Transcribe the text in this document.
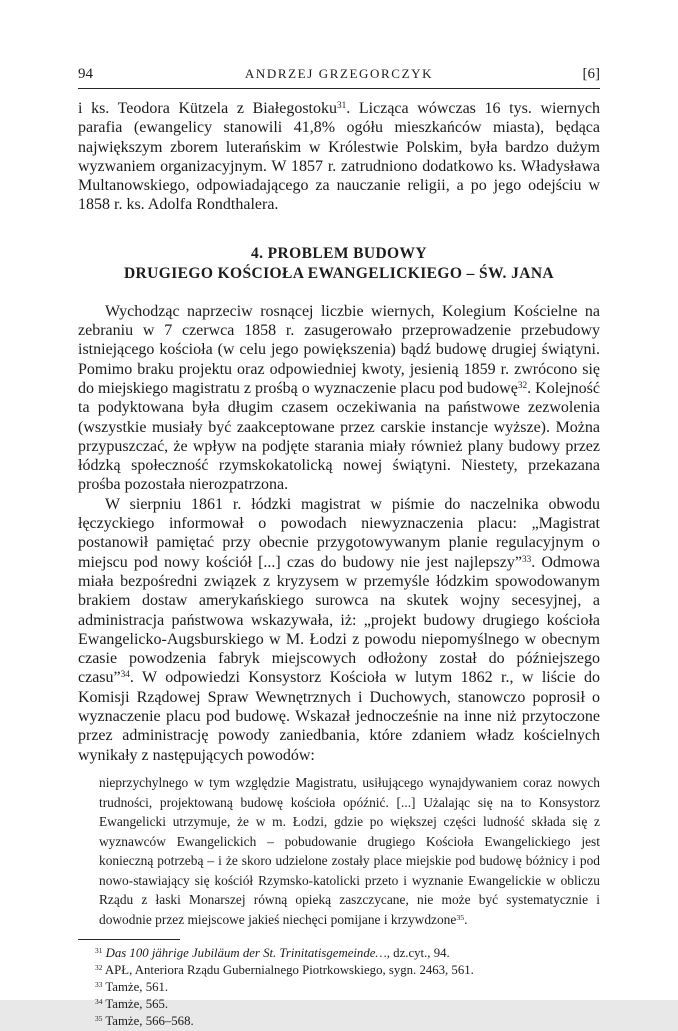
94	ANDRZEJ GRZEGORCZYK	[6]

i ks. Teodora Kützela z Białegostoku$^{31}$. Licząca wówczas 16 tys. wiernych parafia (ewangelicy stanowili 41,8% ogółu mieszkańców miasta), będąca największym zborem luterańskim w Królestwie Polskim, była bardzo dużym wyzwaniem organizacyjnym. W 1857 r. zatrudniono dodatkowo ks. Władysława Multanowskiego, odpowiadającego za nauczanie religii, a po jego odejściu w 1858 r. ks. Adolfa Rondthalera.

4. PROBLEM BUDOWY
DRUGIEGO KOŚCIOŁA EWANGELICKIEGO – ŚW. JANA

Wychodząc naprzeciw rosnącej liczbie wiernych, Kolegium Kościelne na zebraniu w 7 czerwca 1858 r. zasugerowało przeprowadzenie przebudowy istniejącego kościoła (w celu jego powiększenia) bądź budowę drugiej świątyni. Pomimo braku projektu oraz odpowiedniej kwoty, jesienią 1859 r. zwrócono się do miejskiego magistratu z prośbą o wyznaczenie placu pod budowę$^{32}$. Kolejność ta podyktowana była długim czasem oczekiwania na państwowe zezwolenia (wszystkie musiały być zaakceptowane przez carskie instancje wyższe). Można przypuszczać, że wpływ na podjęte starania miały również plany budowy przez łódzką społeczność rzymskokatolicką nowej świątyni. Niestety, przekazana prośba pozostała nierozpatrzona.

W sierpniu 1861 r. łódzki magistrat w piśmie do naczelnika obwodu łęczyckiego informował o powodach niewyznaczenia placu: „Magistrat postanowił pamiętać przy obecnie przygotowywanym planie regulacyjnym o miejscu pod nowy kościół [...] czas do budowy nie jest najlepszy”$^{33}$. Odmowa miała bezpośredni związek z kryzysem w przemyśle łódzkim spowodowanym brakiem dostaw amerykańskiego surowca na skutek wojny secesyjnej, a administracja państwowa wskazywała, iż: „projekt budowy drugiego kościoła Ewangelicko-Augsburskiego w M. Łodzi z powodu niepomyślnego w obecnym czasie powodzenia fabryk miejscowych odłożony został do późniejszego czasu”$^{34}$. W odpowiedzi Konsystorz Kościoła w lutym 1862 r., w liście do Komisji Rządowej Spraw Wewnętrznych i Duchowych, stanowczo poprosił o wyznaczenie placu pod budowę. Wskazał jednocześnie na inne niż przytoczone przez administrację powody zaniedbania, które zdaniem władz kościelnych wynikały z następujących powodów:

nieprzychylnego w tym względzie Magistratu, usiłującego wynajdywaniem coraz nowych trudności, projektowaną budowę kościoła opóźnić. [...] Użalając się na to Konsystorz Ewangelicki utrzymuje, że w m. Łodzi, gdzie po większej części ludność składa się z wyznawców Ewangelickich – pobudowanie drugiego Kościoła Ewangelickiego jest konieczną potrzebą – i że skoro udzielone zostały place miejskie pod budowę bóżnicy i pod nowo-stawiający się kościół Rzymsko-katolicki przeto i wyznanie Ewangelickie w obliczu Rządu z łaski Monarszej równą opieką zaszczycane, nie może być systematycznie i dowodnie przez miejscowe jakieś niechęci pomijane i krzywdzone$^{35}$.
$^{31}$ Das 100 jährige Jubiläum der St. Trinitatisgemeinde…, dz.cyt., 94.
$^{32}$ APŁ, Anteriora Rządu Gubernialnego Piotrkowskiego, sygn. 2463, 561.
$^{33}$ Tamże, 561.
$^{34}$ Tamże, 565.
$^{35}$ Tamże, 566–568.
